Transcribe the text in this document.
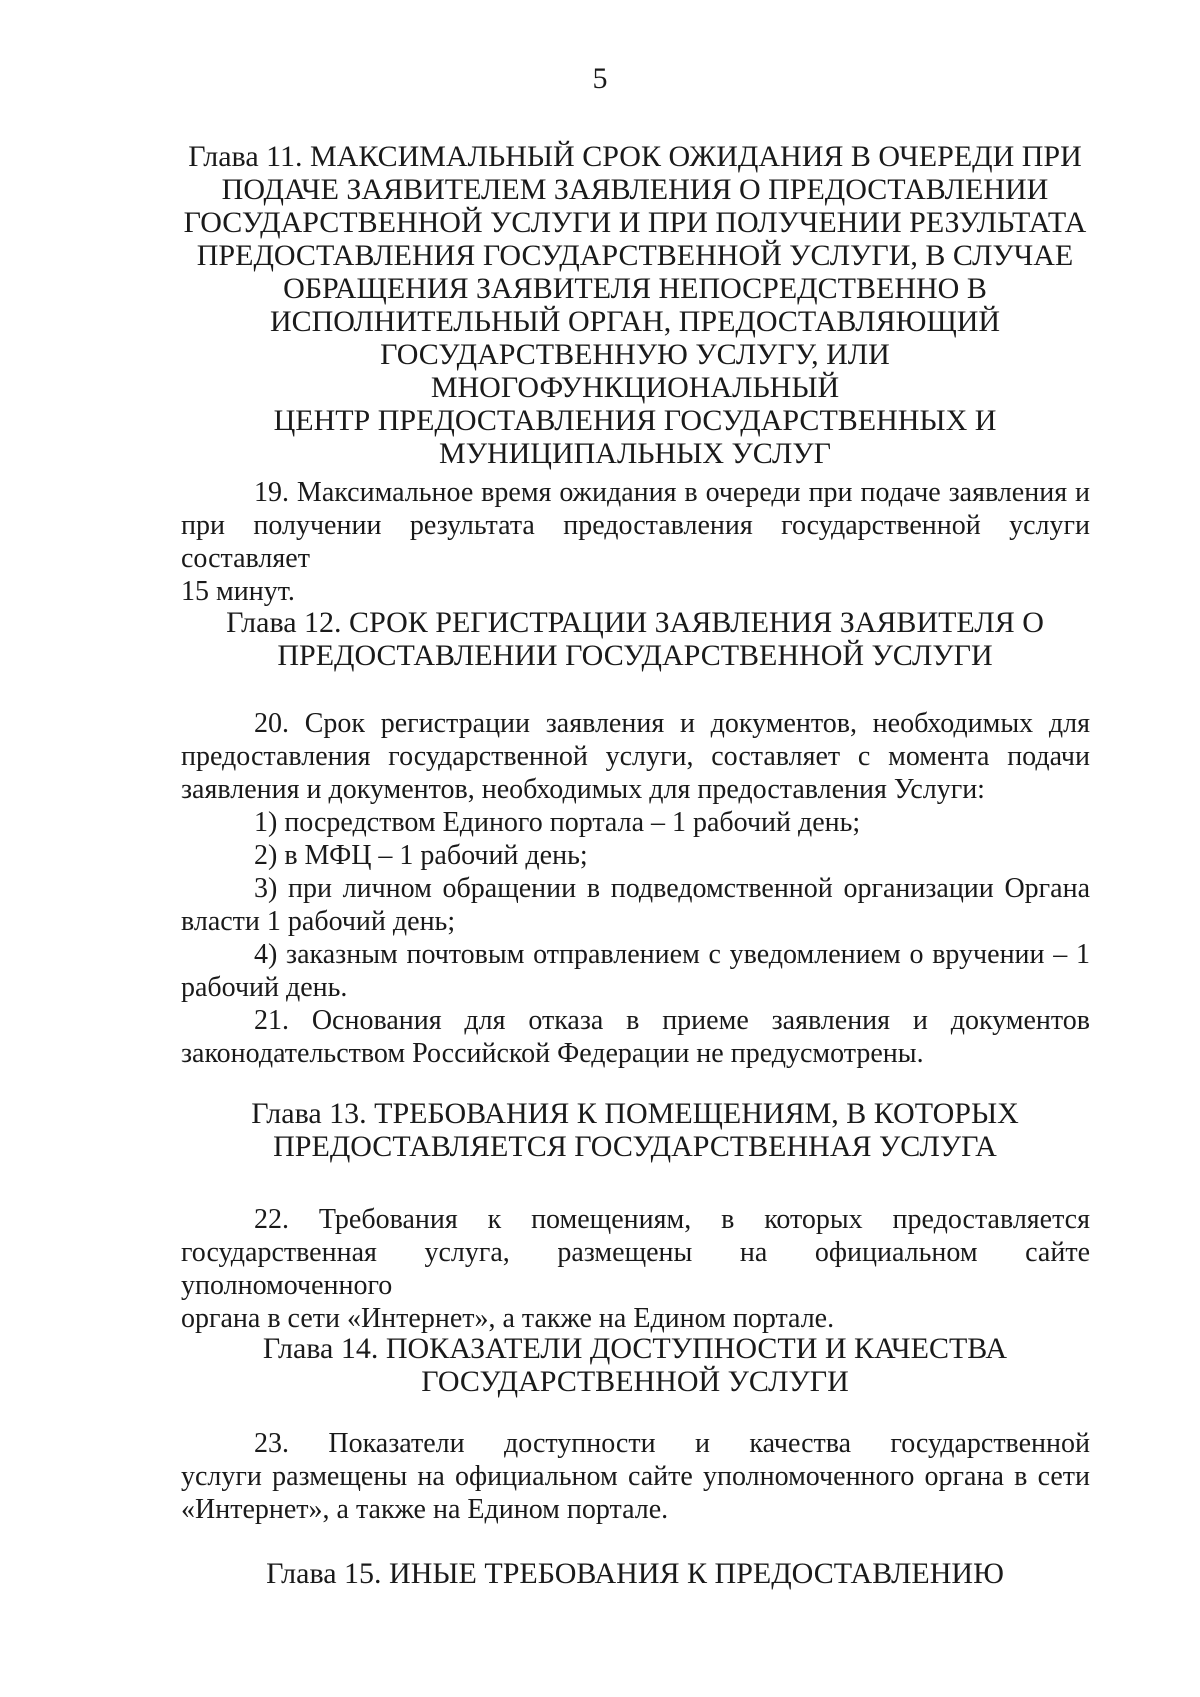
5
Глава 11. МАКСИМАЛЬНЫЙ СРОК ОЖИДАНИЯ В ОЧЕРЕДИ ПРИ
ПОДАЧЕ ЗАЯВИТЕЛЕМ ЗАЯВЛЕНИЯ О ПРЕДОСТАВЛЕНИИ
ГОСУДАРСТВЕННОЙ УСЛУГИ И ПРИ ПОЛУЧЕНИИ РЕЗУЛЬТАТА
ПРЕДОСТАВЛЕНИЯ ГОСУДАРСТВЕННОЙ УСЛУГИ, В СЛУЧАЕ
ОБРАЩЕНИЯ ЗАЯВИТЕЛЯ НЕПОСРЕДСТВЕННО В
ИСПОЛНИТЕЛЬНЫЙ ОРГАН, ПРЕДОСТАВЛЯЮЩИЙ
ГОСУДАРСТВЕННУЮ УСЛУГУ, ИЛИ МНОГОФУНКЦИОНАЛЬНЫЙ
ЦЕНТР ПРЕДОСТАВЛЕНИЯ ГОСУДАРСТВЕННЫХ И
МУНИЦИПАЛЬНЫХ УСЛУГ
19. Максимальное время ожидания в очереди при подаче заявления и
при получении результата предоставления государственной услуги составляет
15 минут.
Глава 12. СРОК РЕГИСТРАЦИИ ЗАЯВЛЕНИЯ ЗАЯВИТЕЛЯ О
ПРЕДОСТАВЛЕНИИ ГОСУДАРСТВЕННОЙ УСЛУГИ
20. Срок регистрации заявления и документов, необходимых для
предоставления государственной услуги, составляет с момента подачи
заявления и документов, необходимых для предоставления Услуги:
1) посредством Единого портала – 1 рабочий день;
2) в МФЦ – 1 рабочий день;
3) при личном обращении в подведомственной организации Органа
власти 1 рабочий день;
4) заказным почтовым отправлением с уведомлением о вручении – 1
рабочий день.
21. Основания для отказа в приеме заявления и документов
законодательством Российской Федерации не предусмотрены.
Глава 13. ТРЕБОВАНИЯ К ПОМЕЩЕНИЯМ, В КОТОРЫХ
ПРЕДОСТАВЛЯЕТСЯ ГОСУДАРСТВЕННАЯ УСЛУГА
22. Требования к помещениям, в которых предоставляется
государственная услуга, размещены на официальном сайте уполномоченного
органа в сети «Интернет», а также на Едином портале.
Глава 14. ПОКАЗАТЕЛИ ДОСТУПНОСТИ И КАЧЕСТВА
ГОСУДАРСТВЕННОЙ УСЛУГИ
23. Показатели доступности и качества государственной
услуги размещены на официальном сайте уполномоченного органа в сети
«Интернет», а также на Едином портале.
Глава 15. ИНЫЕ ТРЕБОВАНИЯ К ПРЕДОСТАВЛЕНИЮ
